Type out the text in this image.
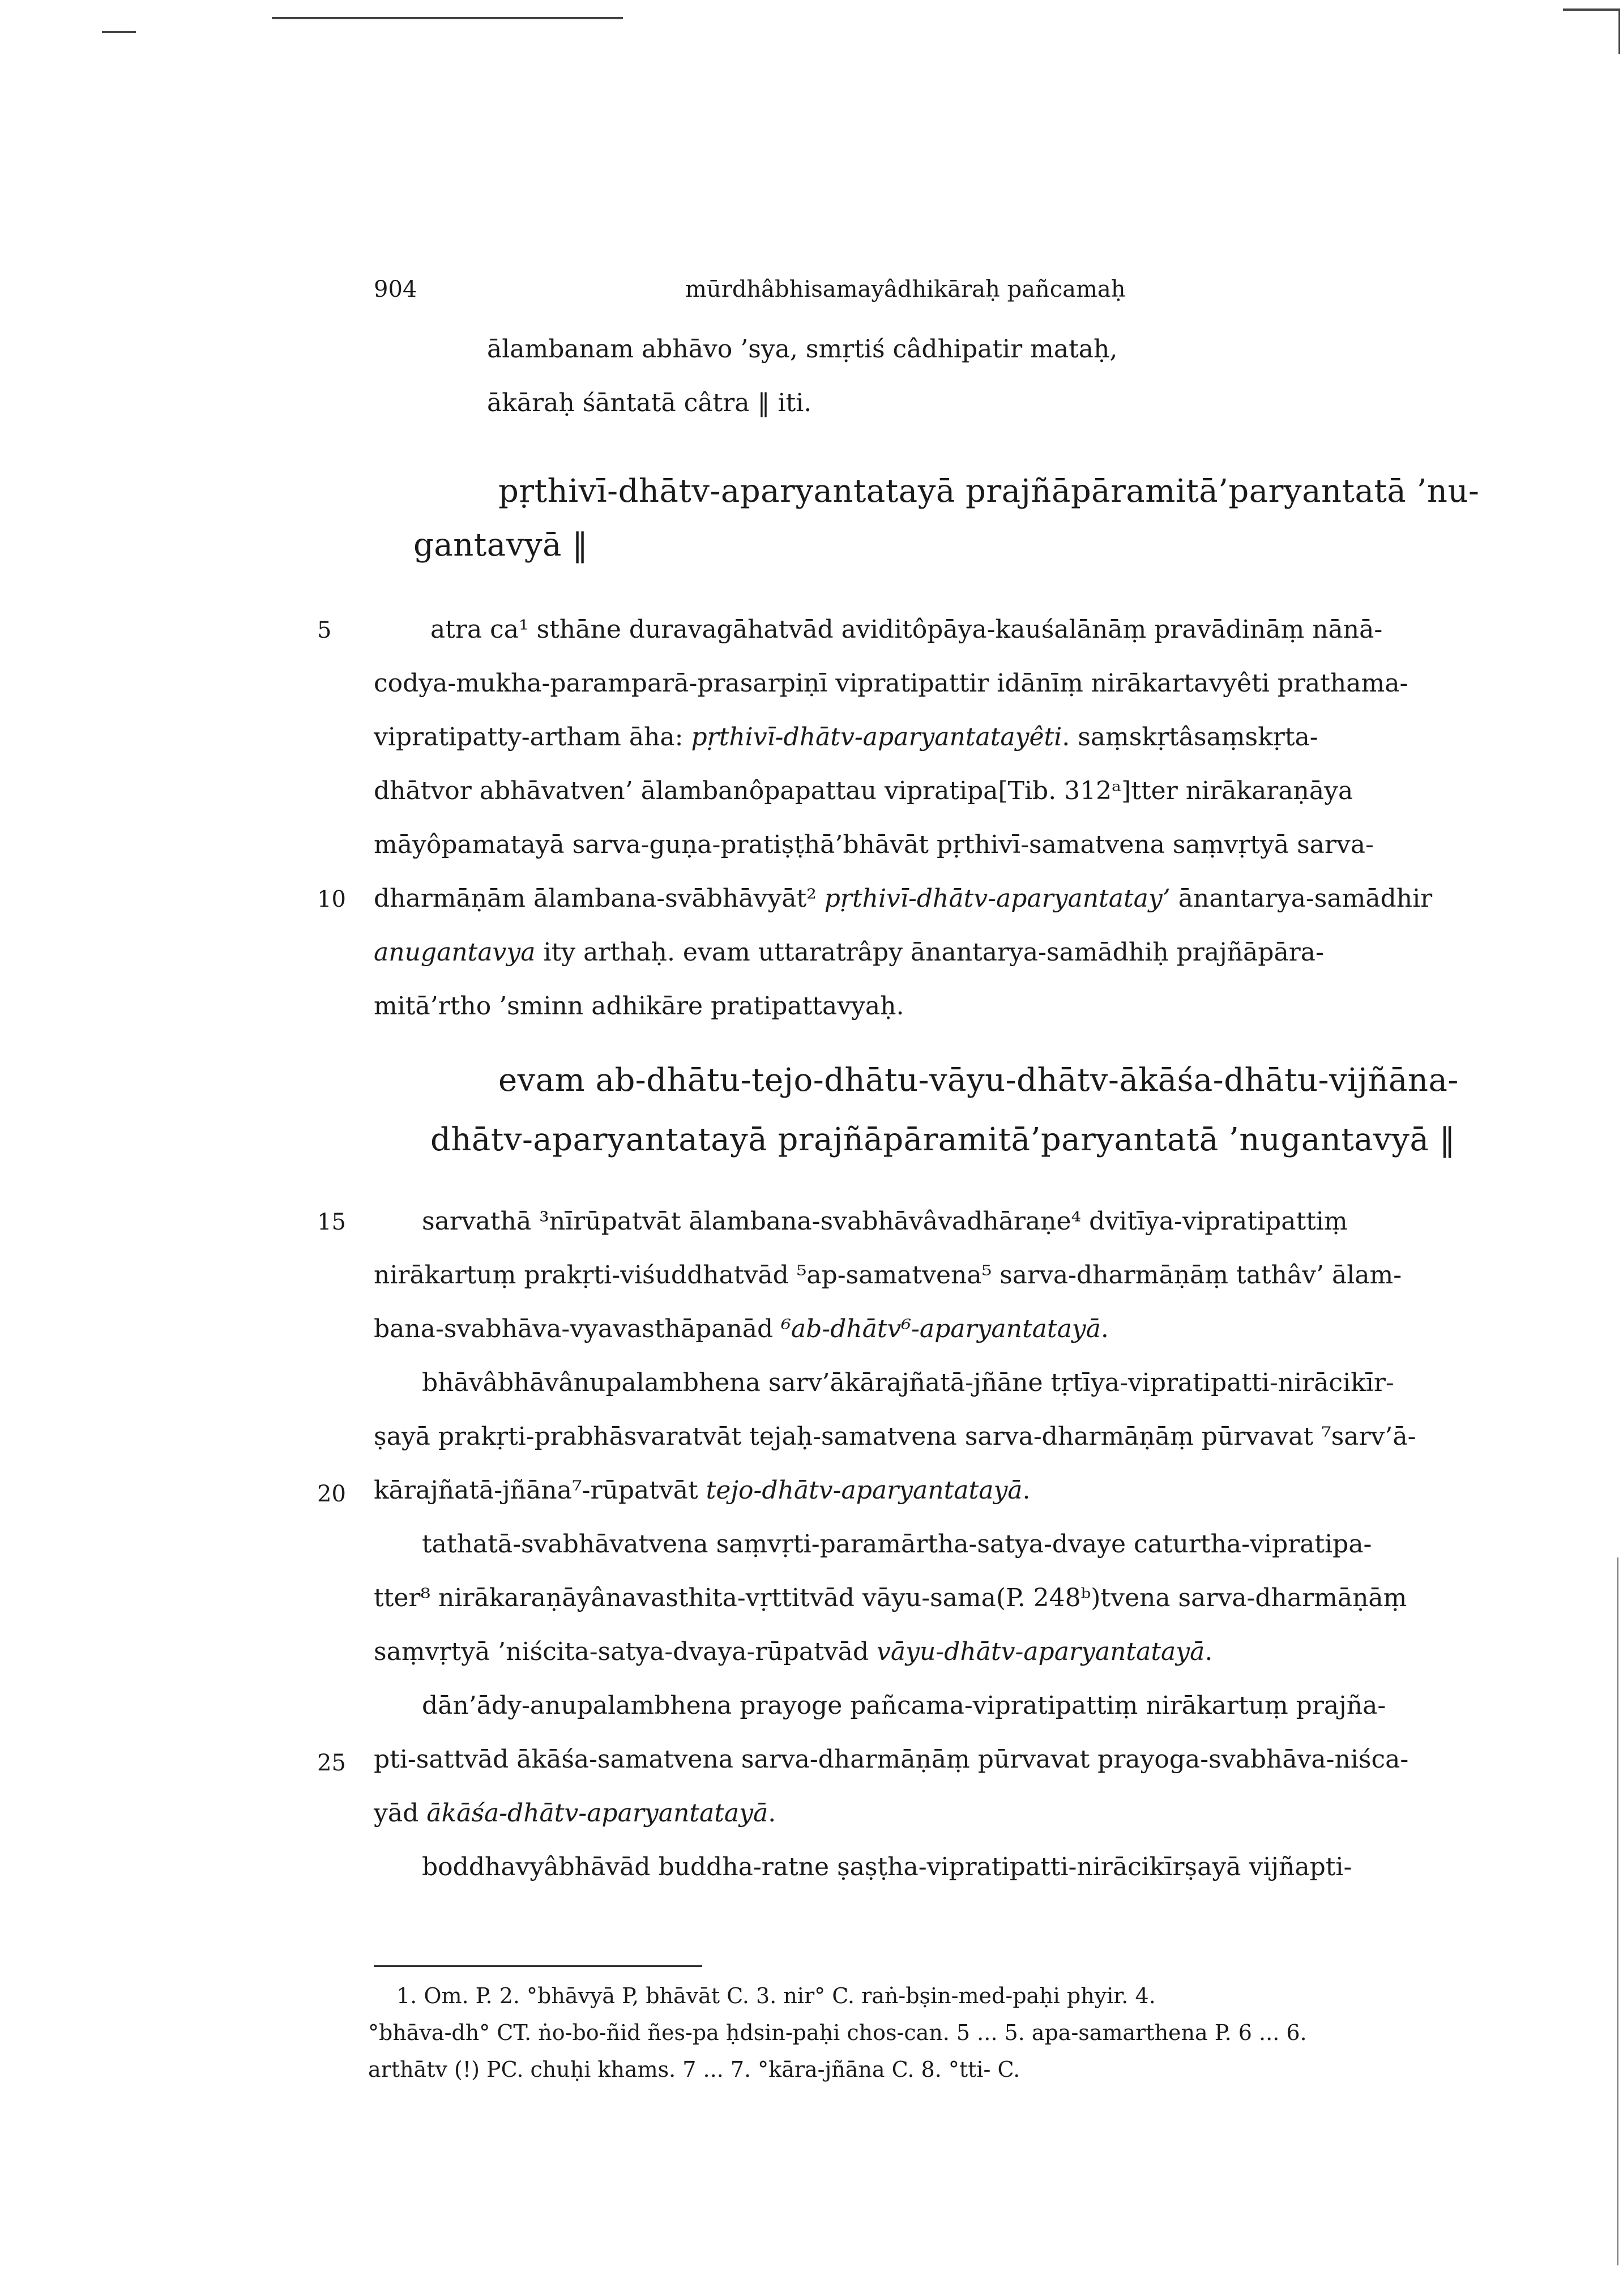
904	mūrdhâbhisamayâdhikāraḥ pañcamaḥ
ālambanam abhāvo ’sya, smṛtiś câdhipatir mataḥ,
ākāraḥ śāntatā câtra ‖ iti.
pṛthivī-dhātv-aparyantatayā prajñāpāramitā’paryantatā ’nu-
gantavyā ‖
atra ca¹ sthāne duravagāhatvād aviditôpāya-kauśalānāṃ pravādināṃ nānā-
codya-mukha-paramparā-prasarpiṇī vipratipattir idānīṃ nirākartavyêti prathama-
vipratipatty-artham āha: pṛthivī-dhātv-aparyantatayêti. saṃskṛtâsaṃskṛta-
dhātvor abhāvatven’ ālambanôpapattau vipratipa[Tib. 312ᵃ]tter nirākaraṇāya
māyôpamatayā sarva-guṇa-pratiṣṭhā’bhāvāt pṛthivī-samatvena saṃvṛtyā sarva-
dharmāṇām ālambana-svābhāvyāt² pṛthivī-dhātv-aparyantatay’ ānantarya-samādhir
anugantavya ity arthaḥ. evam uttaratrâpy ānantarya-samādhiḥ prajñāpāra-
mitā’rtho ’sminn adhikāre pratipattavyaḥ.
evam ab-dhātu-tejo-dhātu-vāyu-dhātv-ākāśa-dhātu-vijñāna-
dhātv-aparyantatayā prajñāpāramitā’paryantatā ’nugantavyā ‖
sarvathā ³nīrūpatvāt ālambana-svabhāvâvadhāraṇe⁴ dvitīya-vipratipattiṃ
nirākartuṃ prakṛti-viśuddhatvād ⁵ap-samatvena⁵ sarva-dharmāṇāṃ tathâv’ ālam-
bana-svabhāva-vyavasthāpanād ⁶ab-dhātv⁶-aparyantatayā.
bhāvâbhāvânupalambhena sarv’ākārajñatā-jñāne tṛtīya-vipratipatti-nirācikīr-
ṣayā prakṛti-prabhāsvaratvāt tejaḥ-samatvena sarva-dharmāṇāṃ pūrvavat ⁷sarv’ā-
kārajñatā-jñāna⁷-rūpatvāt tejo-dhātv-aparyantatayā.
tathatā-svabhāvatvena saṃvṛti-paramārtha-satya-dvaye caturtha-vipratipa-
tter⁸ nirākaraṇāyânavasthita-vṛttitvād vāyu-sama(P. 248ᵇ)tvena sarva-dharmāṇāṃ
saṃvṛtyā ’niścita-satya-dvaya-rūpatvād vāyu-dhātv-aparyantatayā.
dān’ādy-anupalambhena prayoge pañcama-vipratipattiṃ nirākartuṃ prajña-
pti-sattvād ākāśa-samatvena sarva-dharmāṇāṃ pūrvavat prayoga-svabhāva-niśca-
yād ākāśa-dhātv-aparyantatayā.
boddhavyâbhāvād buddha-ratne ṣaṣṭha-vipratipatti-nirācikīrṣayā vijñapti-
5
10
15
20
25
1. Om. P. 2. °bhāvyā P, bhāvāt C. 3. nir° C. raṅ-bṣin-med-paḥi phyir. 4.
°bhāva-dh° CT. ṅo-bo-ñid ñes-pa ḥdsin-paḥi chos-can. 5 ... 5. apa-samarthena P. 6 ... 6.
arthātv (!) PC. chuḥi khams. 7 ... 7. °kāra-jñāna C. 8. °tti- C.
